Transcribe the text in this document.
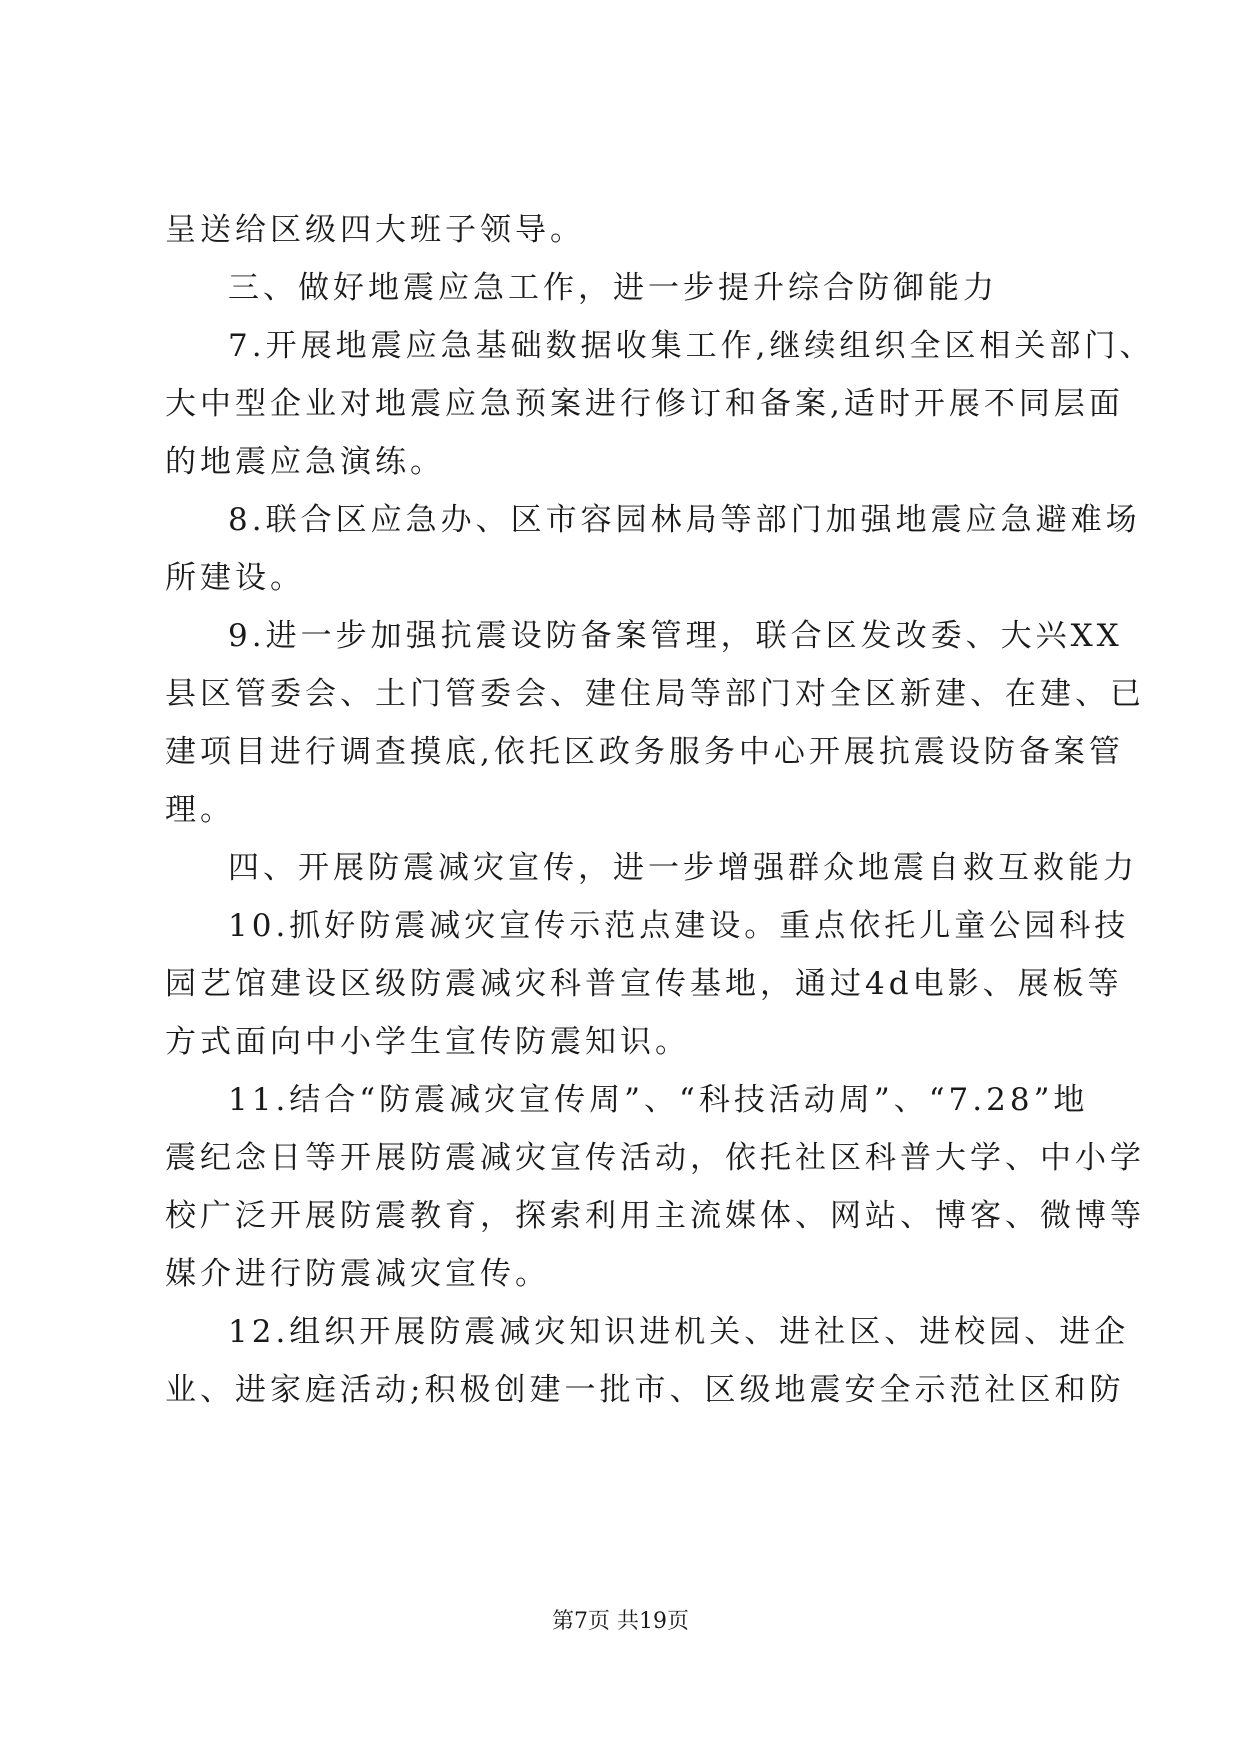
呈送给区级四大班子领导。
三、做好地震应急工作，进一步提升综合防御能力
7.开展地震应急基础数据收集工作,继续组织全区相关部门、
大中型企业对地震应急预案进行修订和备案,适时开展不同层面
的地震应急演练。
8.联合区应急办、区市容园林局等部门加强地震应急避难场
所建设。
9.进一步加强抗震设防备案管理，联合区发改委、大兴XX
县区管委会、土门管委会、建住局等部门对全区新建、在建、已
建项目进行调查摸底,依托区政务服务中心开展抗震设防备案管
理。
四、开展防震减灾宣传，进一步增强群众地震自救互救能力
10.抓好防震减灾宣传示范点建设。重点依托儿童公园科技
园艺馆建设区级防震减灾科普宣传基地，通过4d电影、展板等
方式面向中小学生宣传防震知识。
11.结合“防震减灾宣传周”、“科技活动周”、“7.28”地
震纪念日等开展防震减灾宣传活动，依托社区科普大学、中小学
校广泛开展防震教育，探索利用主流媒体、网站、博客、微博等
媒介进行防震减灾宣传。
12.组织开展防震减灾知识进机关、进社区、进校园、进企
业、进家庭活动;积极创建一批市、区级地震安全示范社区和防
第7页 共19页
